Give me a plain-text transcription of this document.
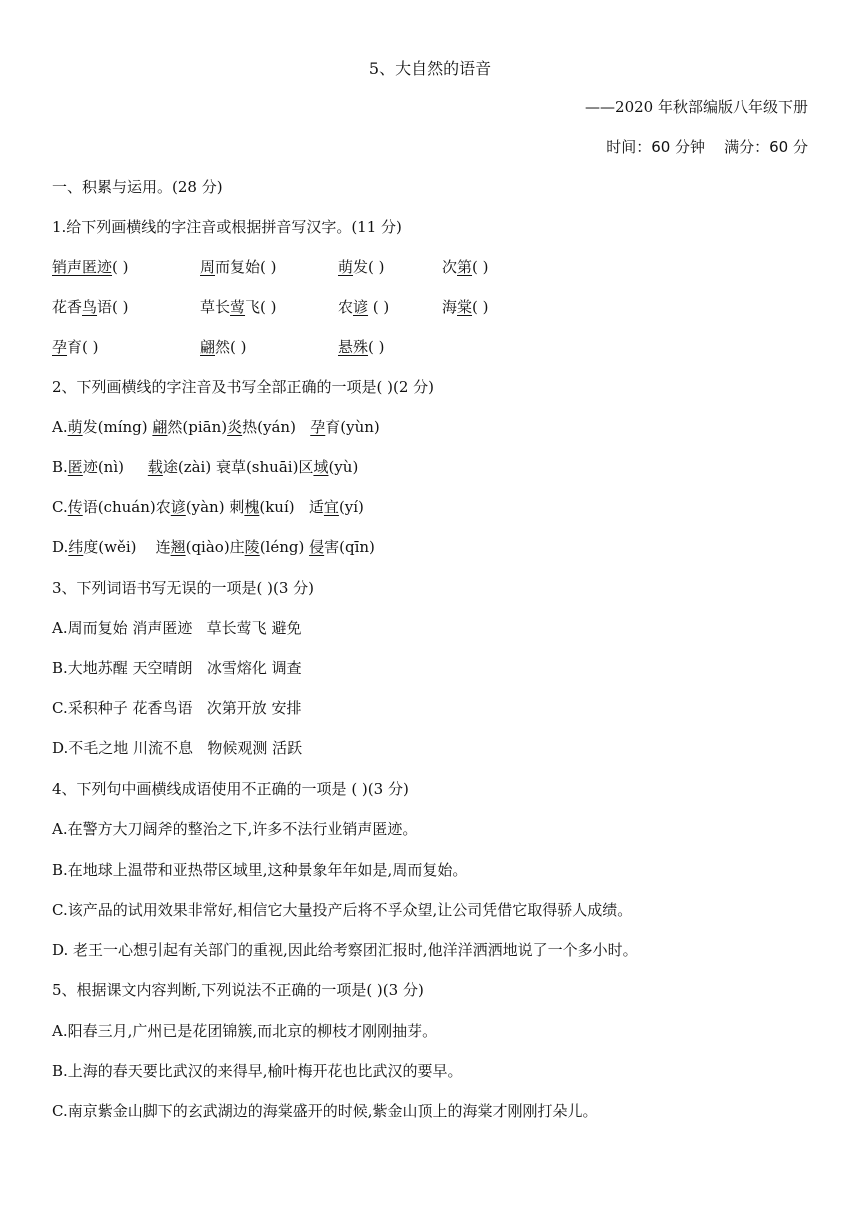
5、大自然的语音
——2020 年秋部编版八年级下册
时间：60 分钟 满分：60 分
一、积累与运用。(28 分)
1.给下列画横线的字注音或根据拼音写汉字。(11 分)
销声匿迹( )	周而复始( )	萌发( )	次第( )
花香鸟语( )	草长莺飞( )	农谚 ( )	海棠( )
孕育( )	翩然( )	悬殊( )
2、下列画横线的字注音及书写全部正确的一项是( )(2 分)
A.萌发(míng) 翩然(piān)炎热(yán)   孕育(yùn)
B.匿迹(nì)     载途(zài) 衰草(shuāi)区域(yù)
C.传语(chuán)农谚(yàn) 刺槐(kuí)   适宜(yí)
D.纬度(wěi)    连翘(qiào)庄陵(léng) 侵害(qīn)
3、下列词语书写无误的一项是( )(3 分)
A.周而复始 消声匿迹   草长莺飞 避免
B.大地苏醒 天空晴朗   冰雪熔化 调查
C.采积种子 花香鸟语   次第开放 安排
D.不毛之地 川流不息   物候观测 活跃
4、下列句中画横线成语使用不正确的一项是 ( )(3 分)
A.在警方大刀阔斧的整治之下,许多不法行业销声匿迹。
B.在地球上温带和亚热带区域里,这种景象年年如是,周而复始。
C.该产品的试用效果非常好,相信它大量投产后将不孚众望,让公司凭借它取得骄人成绩。
D. 老王一心想引起有关部门的重视,因此给考察团汇报时,他洋洋洒洒地说了一个多小时。
5、根据课文内容判断,下列说法不正确的一项是( )(3 分)
A.阳春三月,广州已是花团锦簇,而北京的柳枝才刚刚抽芽。
B.上海的春天要比武汉的来得早,榆叶梅开花也比武汉的要早。
C.南京紫金山脚下的玄武湖边的海棠盛开的时候,紫金山顶上的海棠才刚刚打朵儿。
